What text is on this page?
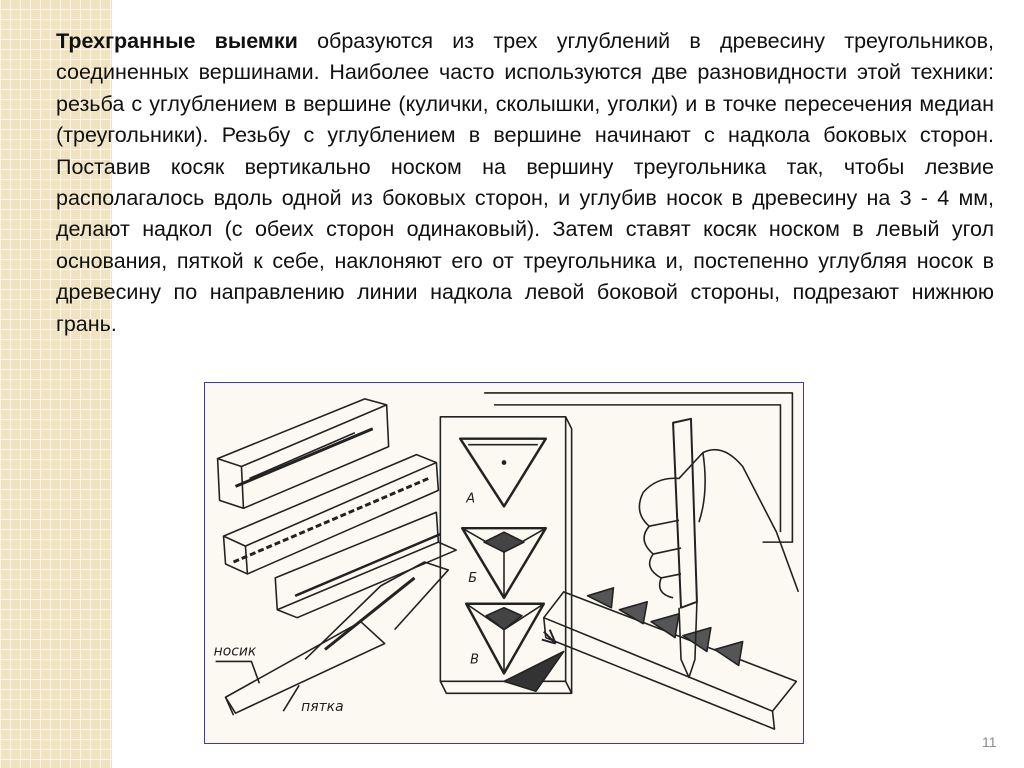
Трехгранные выемки образуются из трех углублений в древесину треугольников, соединенных вершинами. Наиболее часто используются две разновидности этой техники: резьба с углублением в вершине (кулички, сколышки, уголки) и в точке пересечения медиан (треугольники). Резьбу с углублением в вершине начинают с надкола боковых сторон. Поставив косяк вертикально носком на вершину треугольника так, чтобы лезвие располагалось вдоль одной из боковых сторон, и углубив носок в древесину на 3 - 4 мм, делают надкол (с обеих сторон одинаковый). Затем ставят косяк носком в левый угол основания, пяткой к себе, наклоняют его от треугольника и, постепенно углубляя носок в древесину по направлению линии надкола левой боковой стороны, подрезают нижнюю грань.

А
Б
В
носик
пятка
11
